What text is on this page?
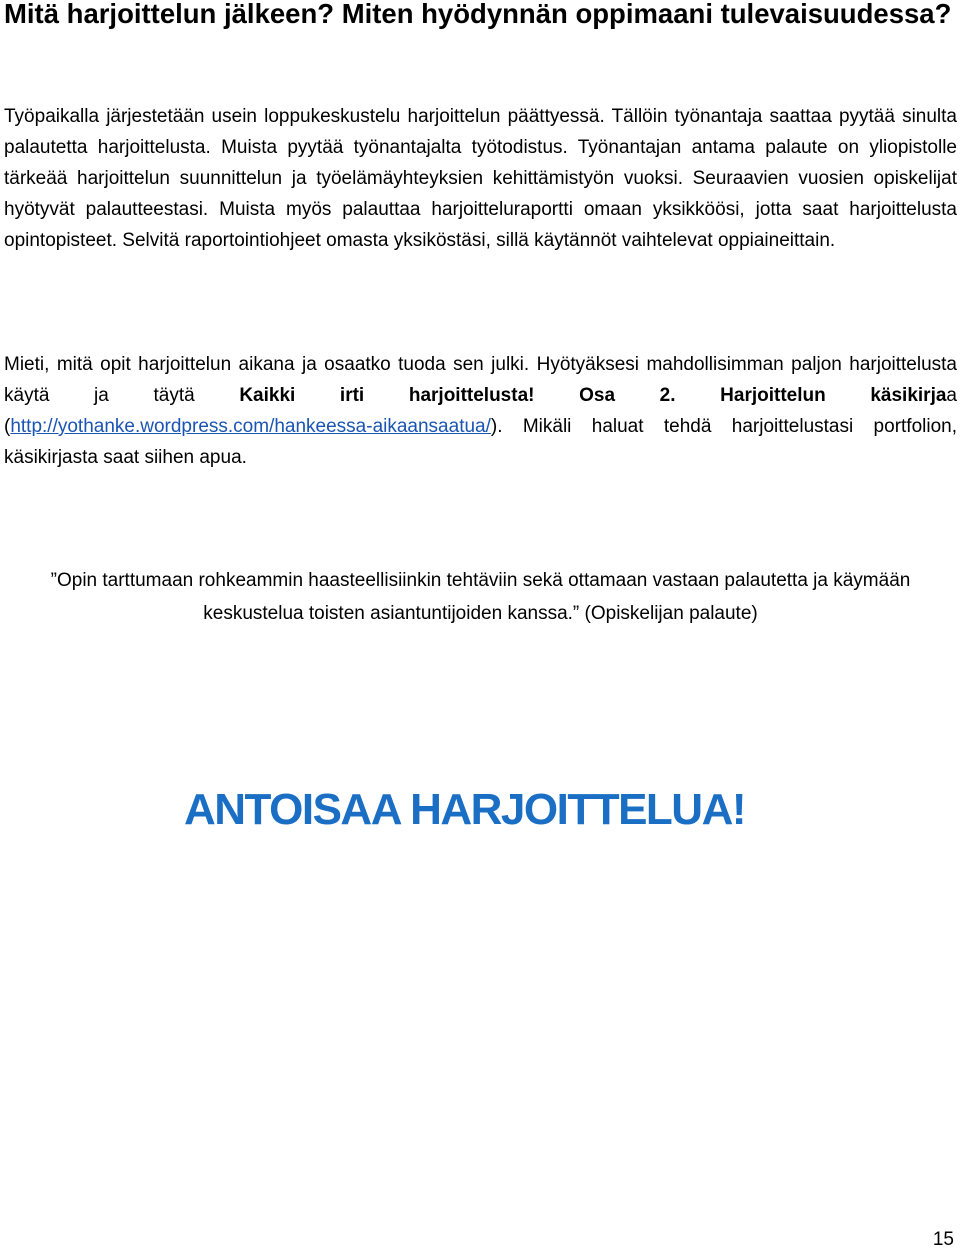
Mitä harjoittelun jälkeen? Miten hyödynnän oppimaani tulevaisuudessa?

Työpaikalla järjestetään usein loppukeskustelu harjoittelun päättyessä. Tällöin työnantaja saattaa pyytää sinulta palautetta harjoittelusta. Muista pyytää työnantajalta työtodistus. Työnantajan antama palaute on yliopistolle tärkeää harjoittelun suunnittelun ja työelämäyhteyksien kehittämistyön vuoksi. Seuraavien vuosien opiskelijat hyötyvät palautteestasi. Muista myös palauttaa harjoitteluraportti omaan yksikköösi, jotta saat harjoittelusta opintopisteet. Selvitä raportointiohjeet omasta yksiköstäsi, sillä käytännöt vaihtelevat oppiaineittain.

Mieti, mitä opit harjoittelun aikana ja osaatko tuoda sen julki. Hyötyäksesi mahdollisimman paljon harjoittelusta käytä ja täytä Kaikki irti harjoittelusta! Osa 2. Harjoittelun käsikirjaa (http://yothanke.wordpress.com/hankeessa-aikaansaatua/). Mikäli haluat tehdä harjoittelustasi portfolion, käsikirjasta saat siihen apua.

”Opin tarttumaan rohkeammin haasteellisiinkin tehtäviin sekä ottamaan vastaan palautetta ja käymään keskustelua toisten asiantuntijoiden kanssa.” (Opiskelijan palaute)

ANTOISAA HARJOITTELUA!
15
